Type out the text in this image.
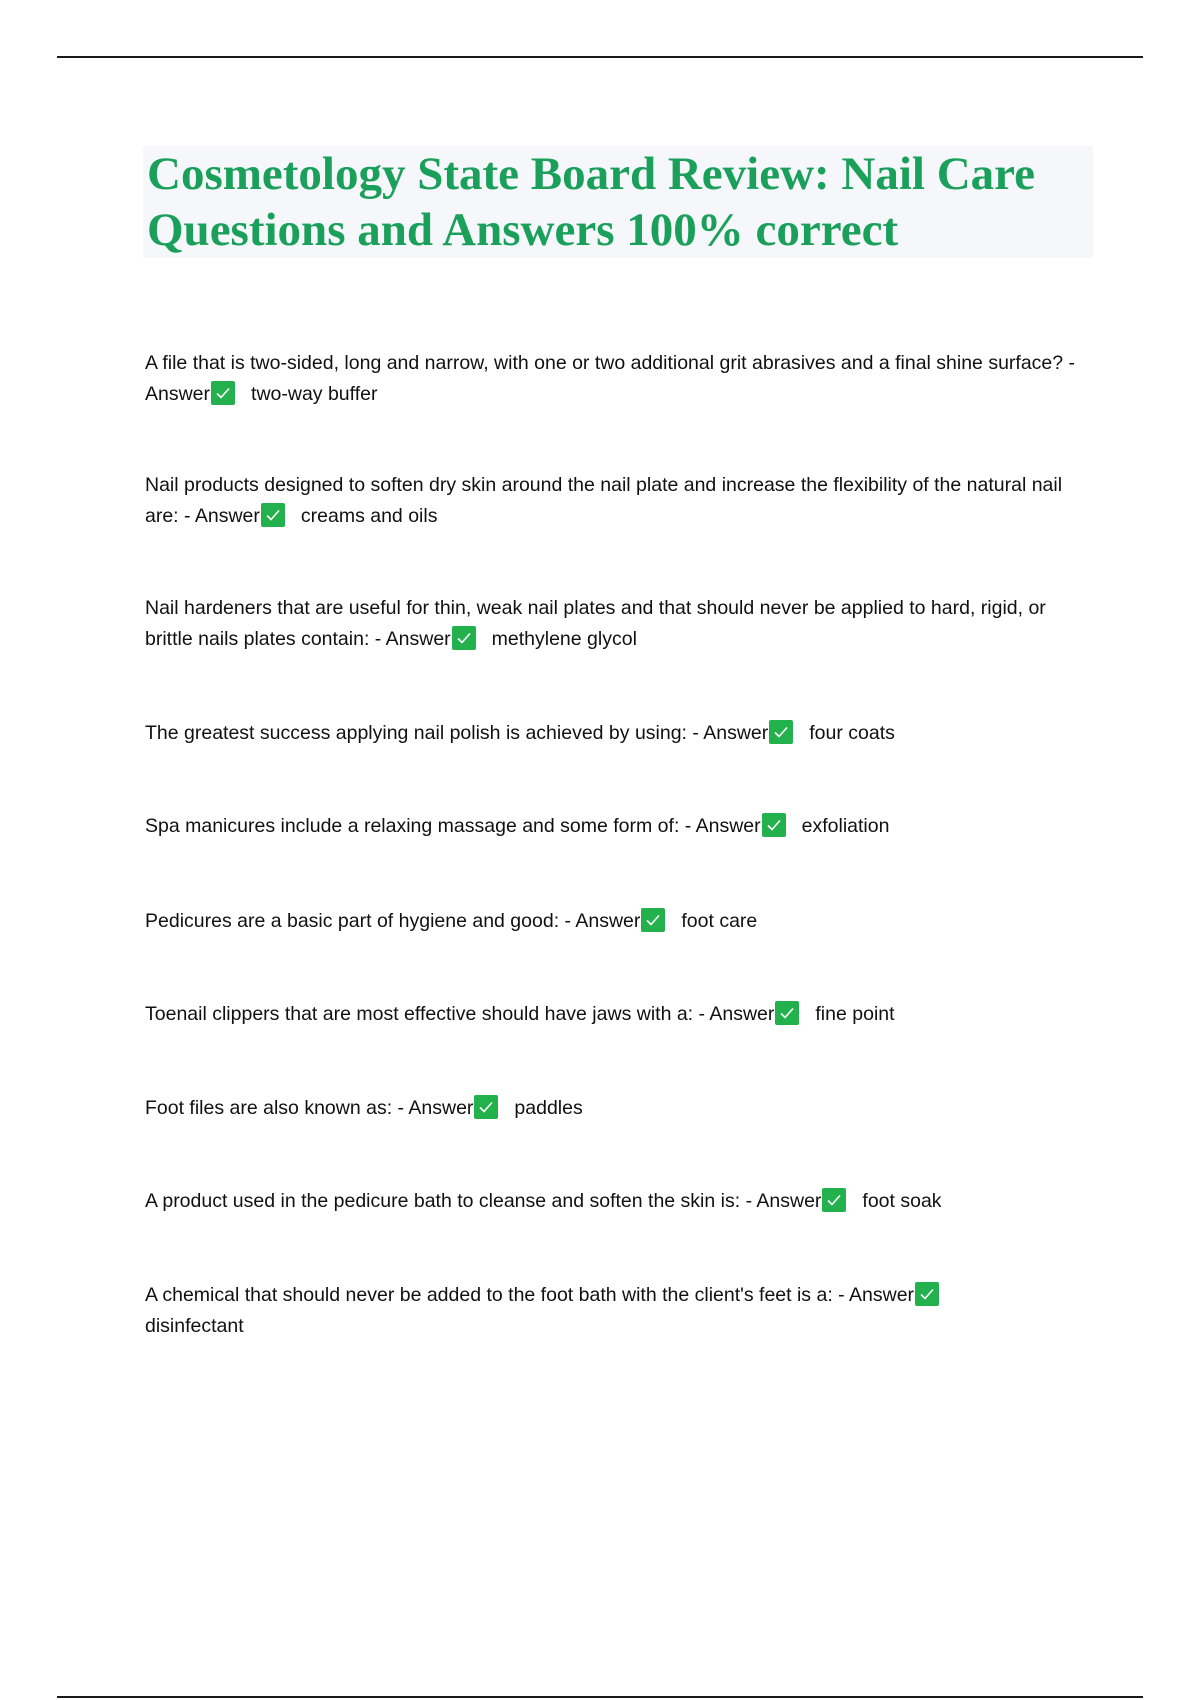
Cosmetology State Board Review: Nail Care
Questions and Answers 100% correct
A file that is two-sided, long and narrow, with one or two additional grit abrasives and a final shine surface? - Answer two-way buffer
Nail products designed to soften dry skin around the nail plate and increase the flexibility of the natural nail are: - Answer creams and oils
Nail hardeners that are useful for thin, weak nail plates and that should never be applied to hard, rigid, or brittle nails plates contain: - Answer methylene glycol
The greatest success applying nail polish is achieved by using: - Answer four coats
Spa manicures include a relaxing massage and some form of: - Answer exfoliation
Pedicures are a basic part of hygiene and good: - Answer foot care
Toenail clippers that are most effective should have jaws with a: - Answer fine point
Foot files are also known as: - Answer paddles
A product used in the pedicure bath to cleanse and soften the skin is: - Answer foot soak
A chemical that should never be added to the foot bath with the client's feet is a: - Answer

disinfectant
